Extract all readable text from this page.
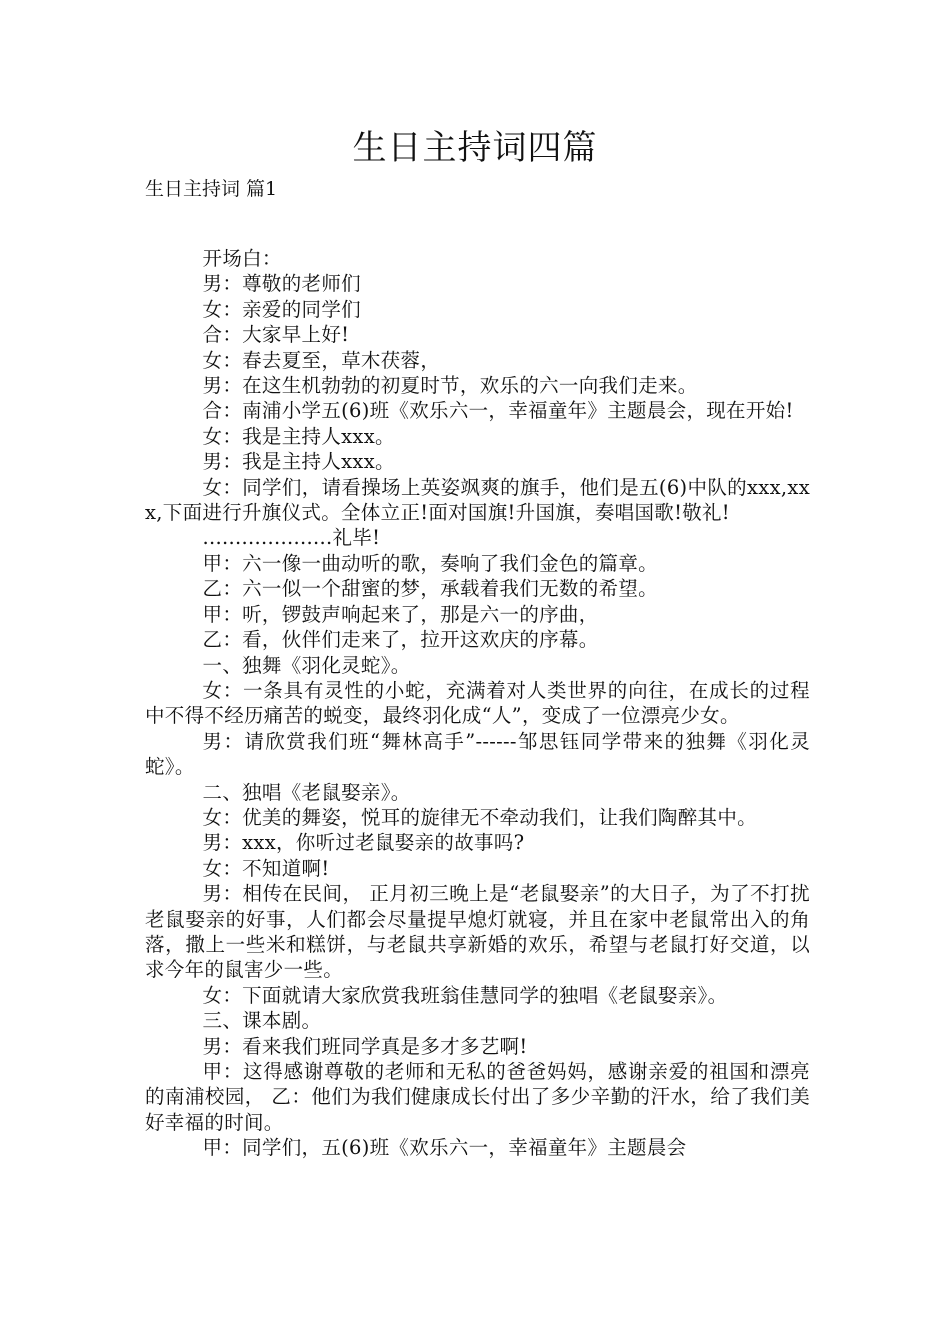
生日主持词四篇
生日主持词 篇1

开场白：

男：尊敬的老师们

女：亲爱的同学们

合：大家早上好!

女：春去夏至，草木茯蓉，

男：在这生机勃勃的初夏时节，欢乐的六一向我们走来。

合：南浦小学五(6)班《欢乐六一，幸福童年》主题晨会，现在开始!

女：我是主持人xxx。

男：我是主持人xxx。

女：同学们，请看操场上英姿飒爽的旗手，他们是五(6)中队的xxx,xxx,下面进行升旗仪式。全体立正!面对国旗!升国旗，奏唱国歌!敬礼!

....................礼毕!

甲：六一像一曲动听的歌，奏响了我们金色的篇章。

乙：六一似一个甜蜜的梦，承载着我们无数的希望。

甲：听，锣鼓声响起来了，那是六一的序曲，

乙：看，伙伴们走来了，拉开这欢庆的序幕。

一、独舞《羽化灵蛇》。

女：一条具有灵性的小蛇，充满着对人类世界的向往，在成长的过程中不得不经历痛苦的蜕变，最终羽化成“人”，变成了一位漂亮少女。

男：请欣赏我们班“舞林高手”------邹思钰同学带来的独舞《羽化灵蛇》。

二、独唱《老鼠娶亲》。

女：优美的舞姿，悦耳的旋律无不牵动我们，让我们陶醉其中。

男：xxx，你听过老鼠娶亲的故事吗?

女：不知道啊!

男：相传在民间， 正月初三晚上是“老鼠娶亲”的大日子，为了不打扰老鼠娶亲的好事，人们都会尽量提早熄灯就寝，并且在家中老鼠常出入的角落，撒上一些米和糕饼，与老鼠共享新婚的欢乐，希望与老鼠打好交道，以求今年的鼠害少一些。

女：下面就请大家欣赏我班翁佳慧同学的独唱《老鼠娶亲》。

三、课本剧。

男：看来我们班同学真是多才多艺啊!

甲：这得感谢尊敬的老师和无私的爸爸妈妈，感谢亲爱的祖国和漂亮的南浦校园， 乙：他们为我们健康成长付出了多少辛勤的汗水，给了我们美好幸福的时间。

甲：同学们，五(6)班《欢乐六一，幸福童年》主题晨会
